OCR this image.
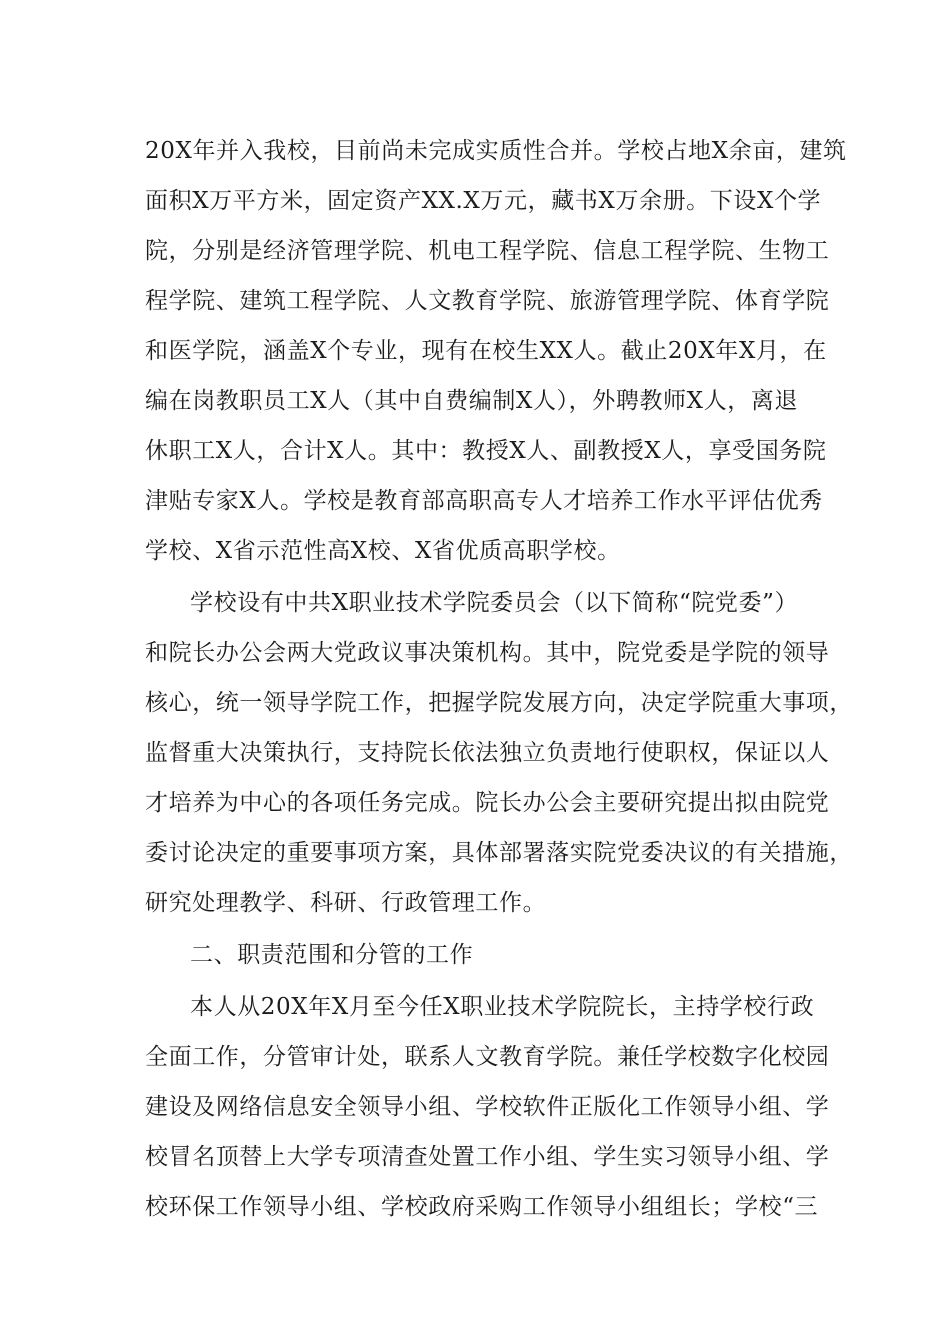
20X年并入我校，目前尚未完成实质性合并。学校占地X余亩，建筑
面积X万平方米，固定资产XX.X万元，藏书X万余册。下设X个学
院，分别是经济管理学院、机电工程学院、信息工程学院、生物工
程学院、建筑工程学院、人文教育学院、旅游管理学院、体育学院
和医学院，涵盖X个专业，现有在校生XX人。截止20X年X月，在
编在岗教职员工X人（其中自费编制X人），外聘教师X人，离退
休职工X人，合计X人。其中：教授X人、副教授X人，享受国务院
津贴专家X人。学校是教育部高职高专人才培养工作水平评估优秀
学校、X省示范性高X校、X省优质高职学校。
学校设有中共X职业技术学院委员会（以下简称“院党委”）
和院长办公会两大党政议事决策机构。其中，院党委是学院的领导
核心，统一领导学院工作，把握学院发展方向，决定学院重大事项，
监督重大决策执行，支持院长依法独立负责地行使职权，保证以人
才培养为中心的各项任务完成。院长办公会主要研究提出拟由院党
委讨论决定的重要事项方案，具体部署落实院党委决议的有关措施，
研究处理教学、科研、行政管理工作。
二、职责范围和分管的工作
本人从20X年X月至今任X职业技术学院院长，主持学校行政
全面工作，分管审计处，联系人文教育学院。兼任学校数字化校园
建设及网络信息安全领导小组、学校软件正版化工作领导小组、学
校冒名顶替上大学专项清查处置工作小组、学生实习领导小组、学
校环保工作领导小组、学校政府采购工作领导小组组长；学校“三
